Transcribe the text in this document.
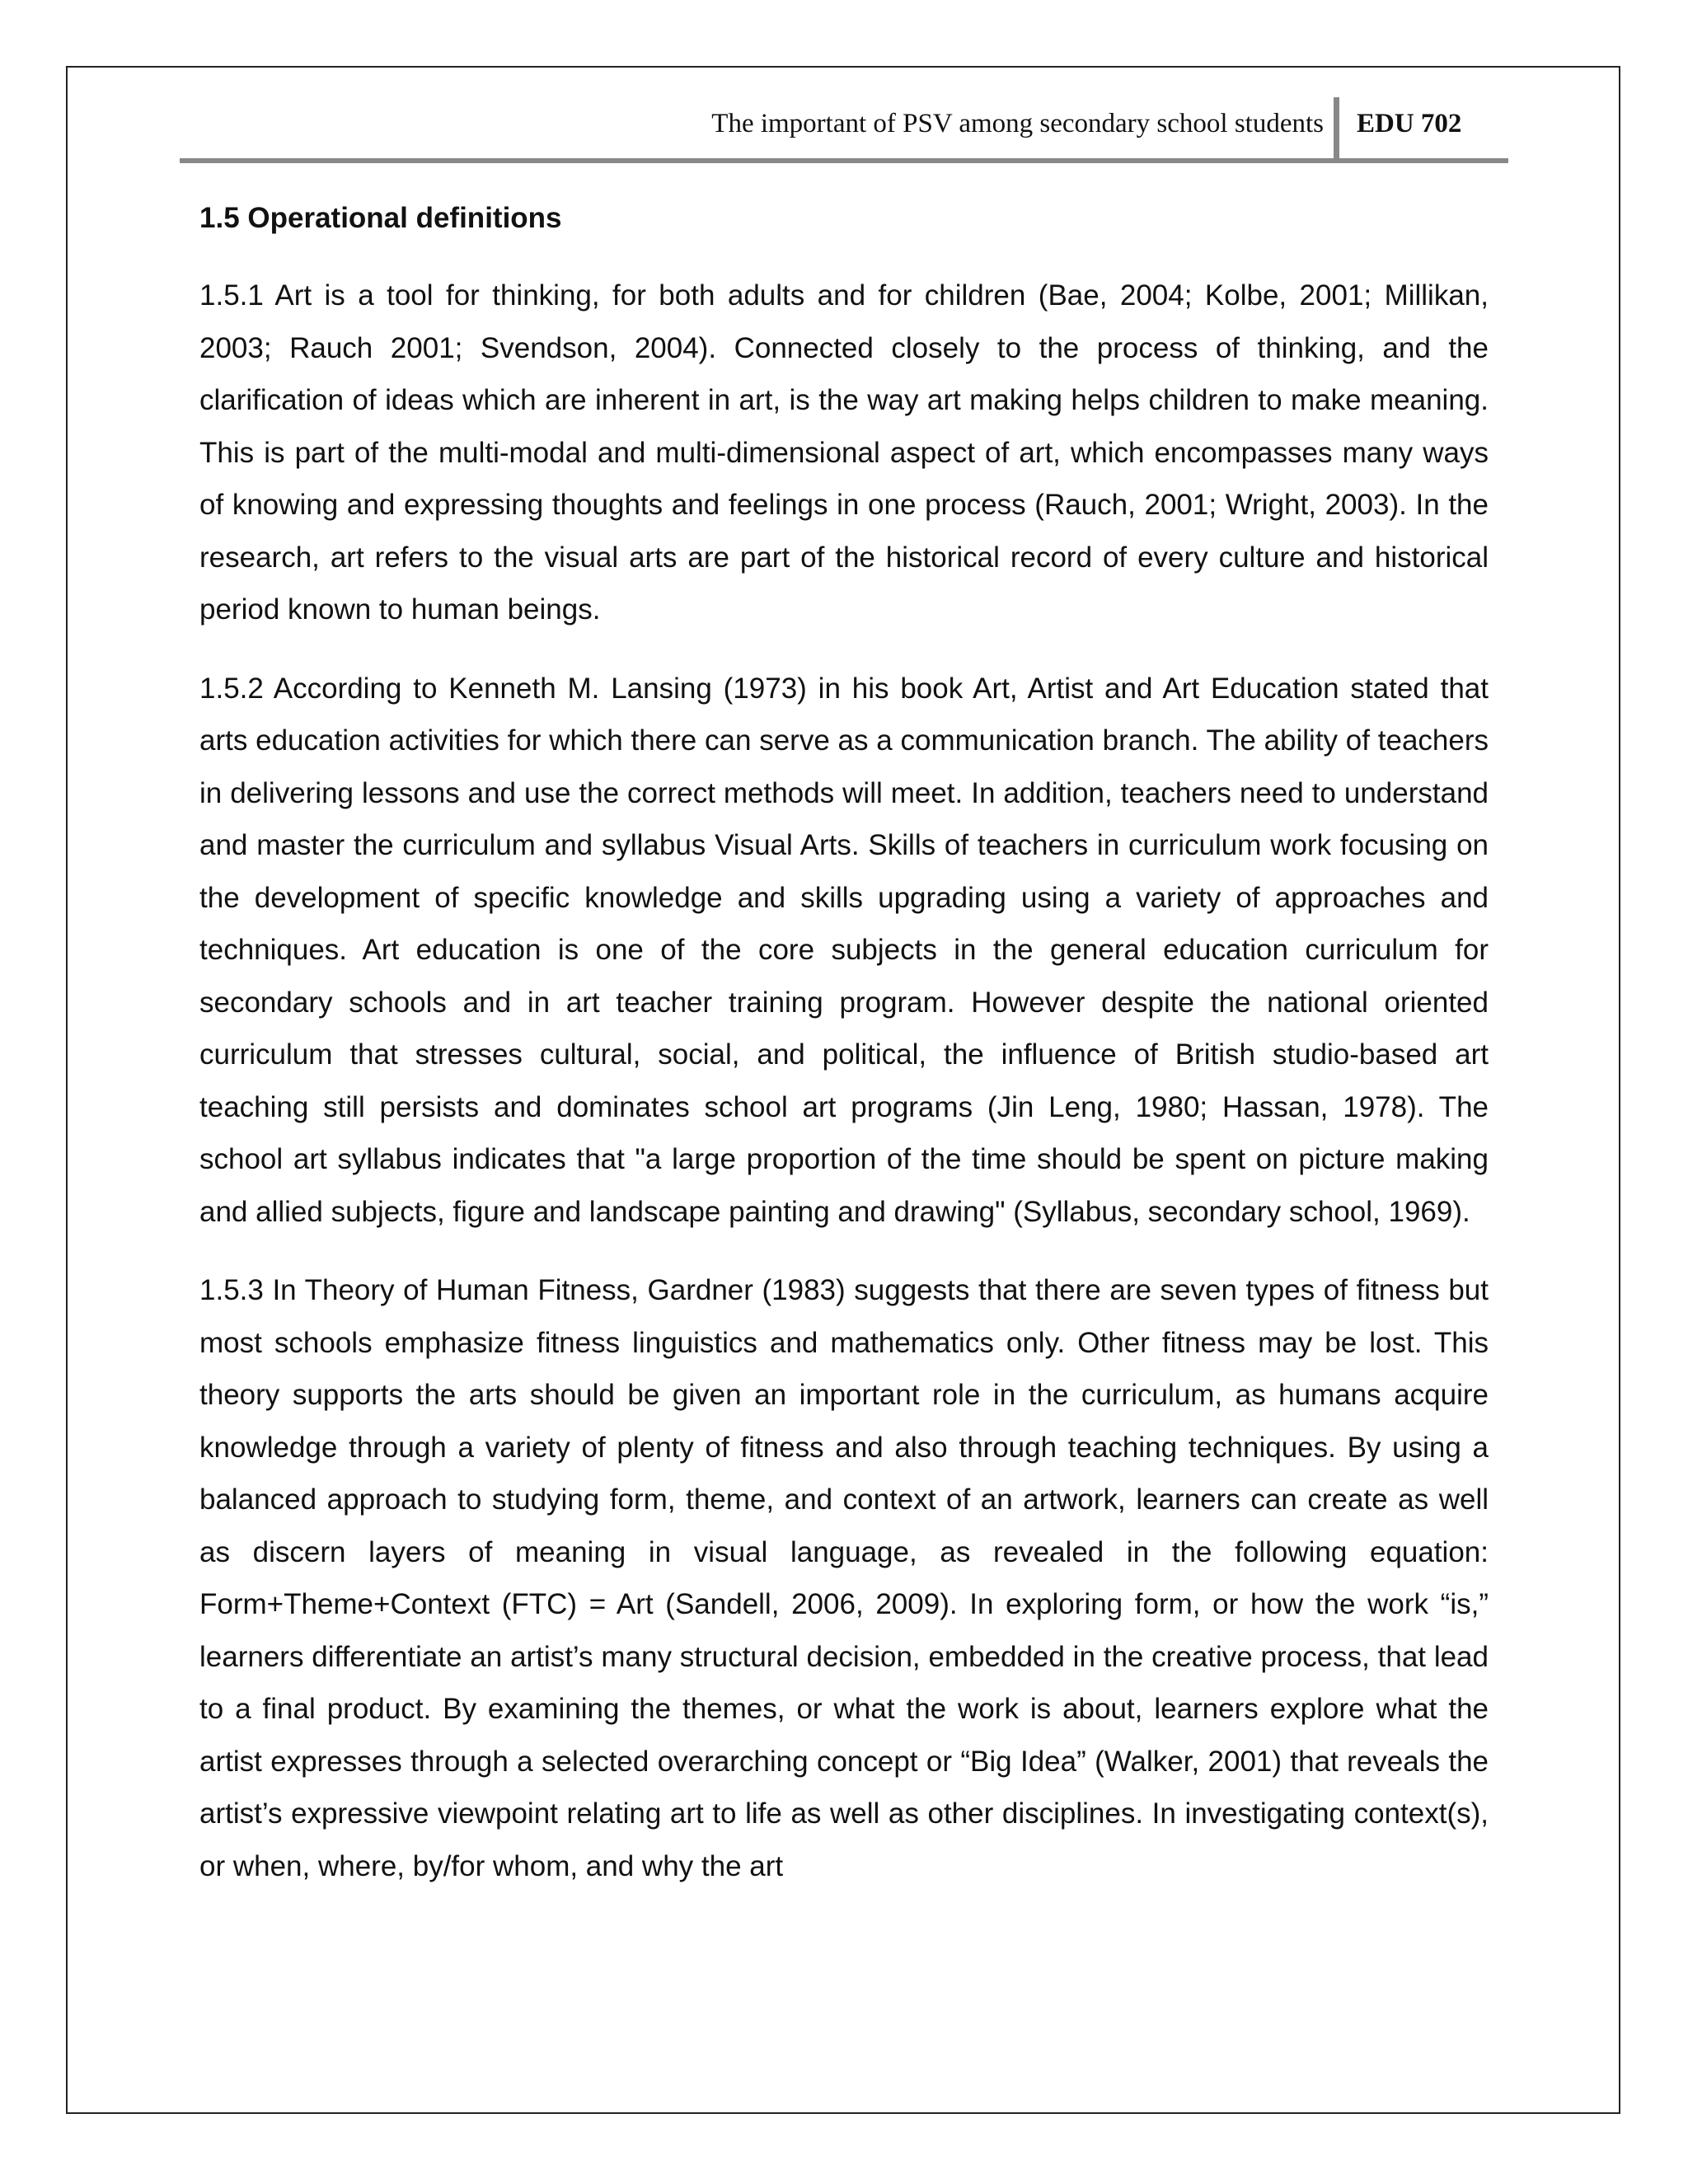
The important of PSV among secondary school students EDU 702
1.5 Operational definitions

1.5.1 Art is a tool for thinking, for both adults and for children (Bae, 2004; Kolbe, 2001; Millikan, 2003; Rauch 2001; Svendson, 2004). Connected closely to the process of thinking, and the clarification of ideas which are inherent in art, is the way art making helps children to make meaning. This is part of the multi-modal and multi-dimensional aspect of art, which encompasses many ways of knowing and expressing thoughts and feelings in one process (Rauch, 2001; Wright, 2003). In the research, art refers to the visual arts are part of the historical record of every culture and historical period known to human beings.

1.5.2 According to Kenneth M. Lansing (1973) in his book Art, Artist and Art Education stated that arts education activities for which there can serve as a communication branch. The ability of teachers in delivering lessons and use the correct methods will meet. In addition, teachers need to understand and master the curriculum and syllabus Visual Arts. Skills of teachers in curriculum work focusing on the development of specific knowledge and skills upgrading using a variety of approaches and techniques. Art education is one of the core subjects in the general education curriculum for secondary schools and in art teacher training program. However despite the national oriented curriculum that stresses cultural, social, and political, the influence of British studio-based art teaching still persists and dominates school art programs (Jin Leng, 1980; Hassan, 1978). The school art syllabus indicates that "a large proportion of the time should be spent on picture making and allied subjects, figure and landscape painting and drawing" (Syllabus, secondary school, 1969).

1.5.3 In Theory of Human Fitness, Gardner (1983) suggests that there are seven types of fitness but most schools emphasize fitness linguistics and mathematics only. Other fitness may be lost. This theory supports the arts should be given an important role in the curriculum, as humans acquire knowledge through a variety of plenty of fitness and also through teaching techniques. By using a balanced approach to studying form, theme, and context of an artwork, learners can create as well as discern layers of meaning in visual language, as revealed in the following equation: Form+Theme+Context (FTC) = Art (Sandell, 2006, 2009). In exploring form, or how the work “is,” learners differentiate an artist’s many structural decision, embedded in the creative process, that lead to a final product. By examining the themes, or what the work is about, learners explore what the artist expresses through a selected overarching concept or “Big Idea” (Walker, 2001) that reveals the artist’s expressive viewpoint relating art to life as well as other disciplines. In investigating context(s), or when, where, by/for whom, and why the art
